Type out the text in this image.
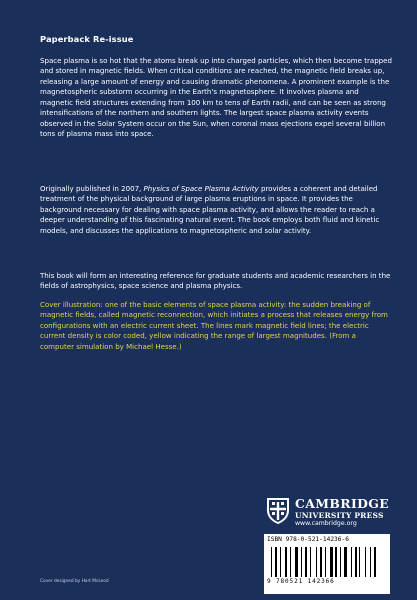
Paperback Re-issue

Space plasma is so hot that the atoms break up into charged particles, which then become trapped and stored in magnetic fields. When critical conditions are reached, the magnetic field breaks up, releasing a large amount of energy and causing dramatic phenomena. A prominent example is the magnetospheric substorm occurring in the Earth's magnetosphere. It involves plasma and magnetic field structures extending from 100 km to tens of Earth radii, and can be seen as strong intensifications of the northern and southern lights. The largest space plasma activity events observed in the Solar System occur on the Sun, when coronal mass ejections expel several billion tons of plasma mass into space.

Originally published in 2007, Physics of Space Plasma Activity provides a coherent and detailed treatment of the physical background of large plasma eruptions in space. It provides the background necessary for dealing with space plasma activity, and allows the reader to reach a deeper understanding of this fascinating natural event. The book employs both fluid and kinetic models, and discusses the applications to magnetospheric and solar activity.

This book will form an interesting reference for graduate students and academic researchers in the fields of astrophysics, space science and plasma physics.

Cover illustration: one of the basic elements of space plasma activity: the sudden breaking of magnetic fields, called magnetic reconnection, which initiates a process that releases energy from configurations with an electric current sheet. The lines mark magnetic field lines; the electric current density is color coded, yellow indicating the range of largest magnitudes. (From a computer simulation by Michael Hesse.)

CAMBRIDGE
UNIVERSITY PRESS
www.cambridge.org
ISBN 978-0-521-14236-6
9 780521 142366
Cover designed by Hart McLeod
